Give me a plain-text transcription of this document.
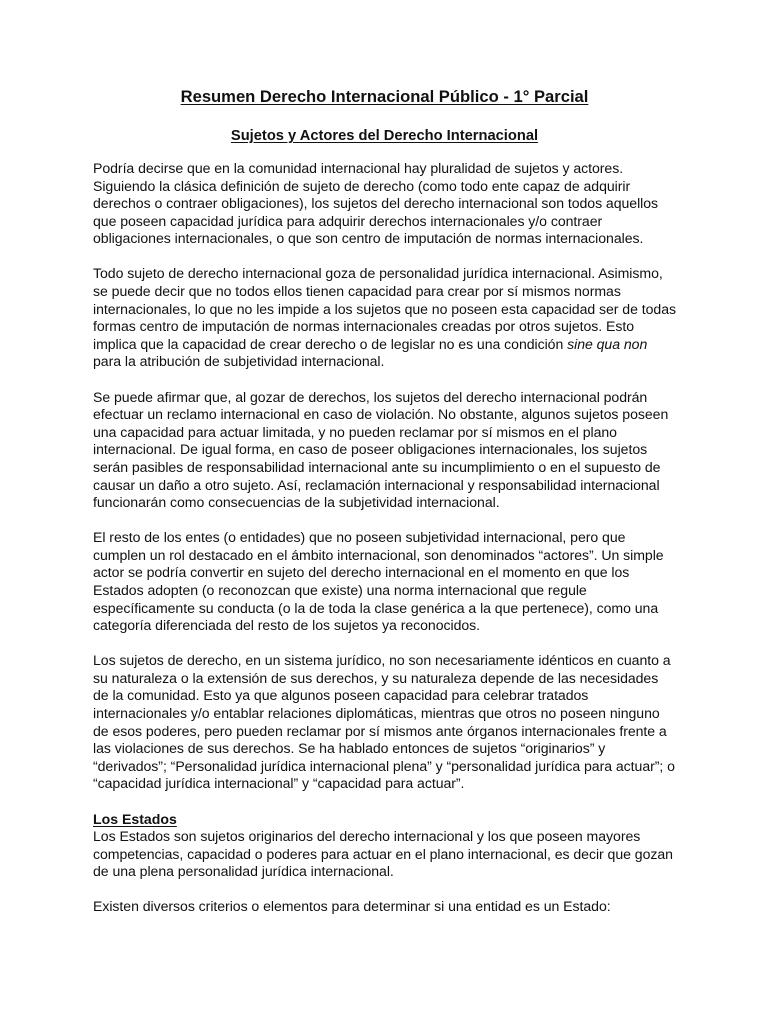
Resumen Derecho Internacional Público - 1° Parcial
Sujetos y Actores del Derecho Internacional

Podría decirse que en la comunidad internacional hay pluralidad de sujetos y actores. Siguiendo la clásica definición de sujeto de derecho (como todo ente capaz de adquirir derechos o contraer obligaciones), los sujetos del derecho internacional son todos aquellos que poseen capacidad jurídica para adquirir derechos internacionales y/o contraer obligaciones internacionales, o que son centro de imputación de normas internacionales.

Todo sujeto de derecho internacional goza de personalidad jurídica internacional. Asimismo, se puede decir que no todos ellos tienen capacidad para crear por sí mismos normas internacionales, lo que no les impide a los sujetos que no poseen esta capacidad ser de todas formas centro de imputación de normas internacionales creadas por otros sujetos. Esto implica que la capacidad de crear derecho o de legislar no es una condición sine qua non para la atribución de subjetividad internacional.

Se puede afirmar que, al gozar de derechos, los sujetos del derecho internacional podrán efectuar un reclamo internacional en caso de violación. No obstante, algunos sujetos poseen una capacidad para actuar limitada, y no pueden reclamar por sí mismos en el plano internacional. De igual forma, en caso de poseer obligaciones internacionales, los sujetos serán pasibles de responsabilidad internacional ante su incumplimiento o en el supuesto de causar un daño a otro sujeto. Así, reclamación internacional y responsabilidad internacional funcionarán como consecuencias de la subjetividad internacional.

El resto de los entes (o entidades) que no poseen subjetividad internacional, pero que cumplen un rol destacado en el ámbito internacional, son denominados “actores”. Un simple actor se podría convertir en sujeto del derecho internacional en el momento en que los Estados adopten (o reconozcan que existe) una norma internacional que regule específicamente su conducta (o la de toda la clase genérica a la que pertenece), como una categoría diferenciada del resto de los sujetos ya reconocidos.

Los sujetos de derecho, en un sistema jurídico, no son necesariamente idénticos en cuanto a su naturaleza o la extensión de sus derechos, y su naturaleza depende de las necesidades de la comunidad. Esto ya que algunos poseen capacidad para celebrar tratados internacionales y/o entablar relaciones diplomáticas, mientras que otros no poseen ninguno de esos poderes, pero pueden reclamar por sí mismos ante órganos internacionales frente a las violaciones de sus derechos. Se ha hablado entonces de sujetos “originarios” y “derivados”; “Personalidad jurídica internacional plena” y “personalidad jurídica para actuar”; o “capacidad jurídica internacional” y “capacidad para actuar”.

Los Estados

Los Estados son sujetos originarios del derecho internacional y los que poseen mayores competencias, capacidad o poderes para actuar en el plano internacional, es decir que gozan de una plena personalidad jurídica internacional.

Existen diversos criterios o elementos para determinar si una entidad es un Estado:
